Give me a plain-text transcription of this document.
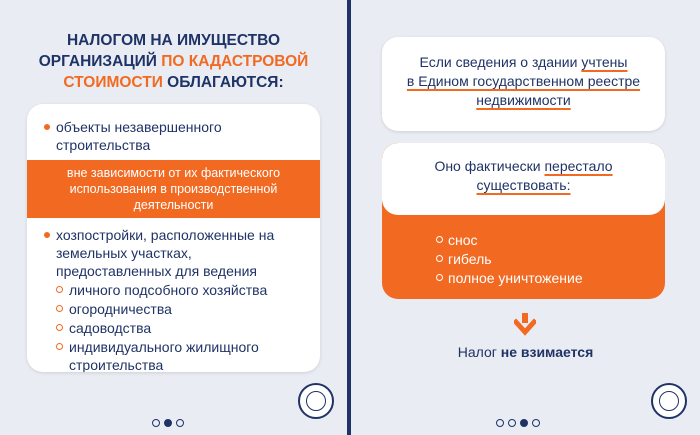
НАЛОГОМ НА ИМУЩЕСТВО
ОРГАНИЗАЦИЙ ПО КАДАСТРОВОЙ
СТОИМОСТИ ОБЛАГАЮТСЯ:
объекты незавершенного строительства
вне зависимости от их фактического использования в производственной деятельности
хозпостройки, расположенные на земельных участках, предоставленных для ведения
личного подсобного хозяйства
огородничества
садоводства
индивидуального жилищного строительства
Если сведения о здании учтены
в Едином государственном реестре
недвижимости
Оно фактически перестало
существовать:
снос
гибель
полное уничтожение
Налог не взимается
